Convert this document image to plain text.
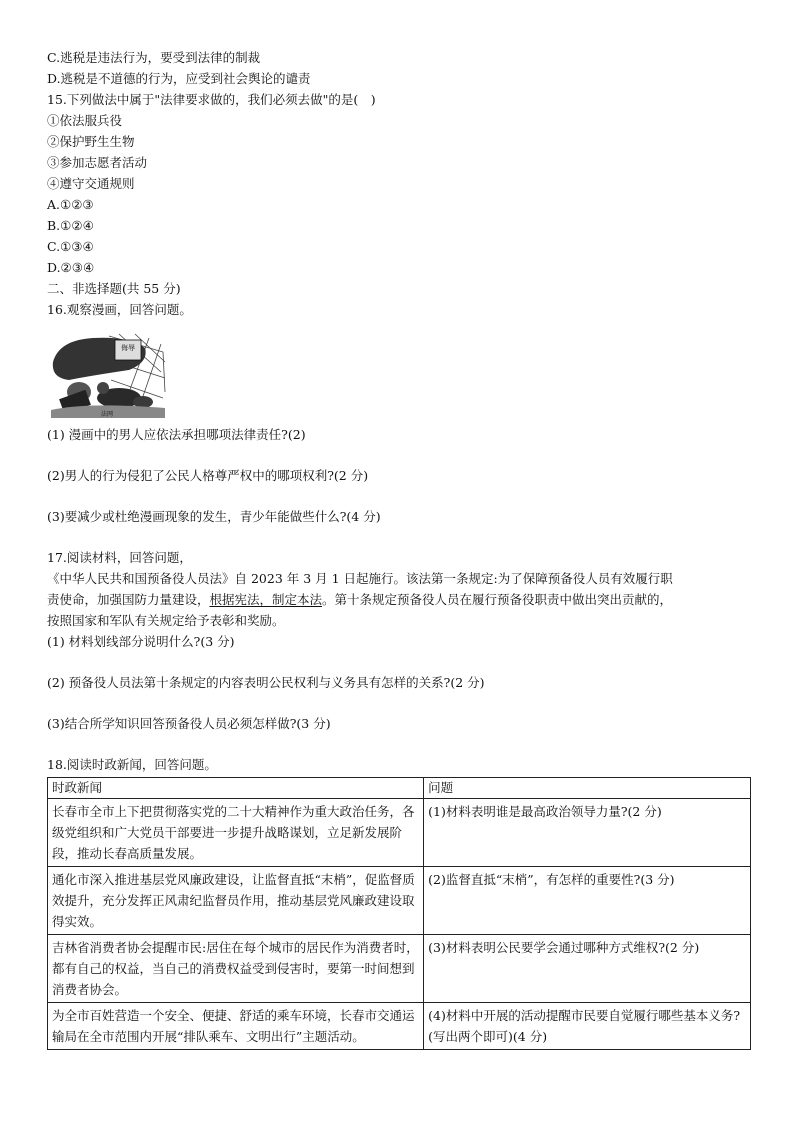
C.逃税是违法行为，要受到法律的制裁
D.逃税是不道德的行为，应受到社会舆论的谴责
15.下列做法中属于"法律要求做的，我们必须去做"的是(　)
①依法服兵役
②保护野生生物
③参加志愿者活动
④遵守交通规则
A.①②③
B.①②④
C.①③④
D.②③④
二、非选择题(共 55 分)
16.观察漫画，回答问题。
侮辱
法网
(1) 漫画中的男人应依法承担哪项法律责任?(2)
(2)男人的行为侵犯了公民人格尊严权中的哪项权利?(2 分)
(3)要减少或杜绝漫画现象的发生，青少年能做些什么?(4 分)
17.阅读材料，回答问题，
《中华人民共和国预备役人员法》自 2023 年 3 月 1 日起施行。该法第一条规定:为了保障预备役人员有效履行职
责使命，加强国防力量建设，根据宪法，制定本法。第十条规定预备役人员在履行预备役职责中做出突出贡献的，
按照国家和军队有关规定给予表彰和奖励。
(1) 材料划线部分说明什么?(3 分)
(2) 预备役人员法第十条规定的内容表明公民权利与义务具有怎样的关系?(2 分)
(3)结合所学知识回答预备役人员必须怎样做?(3 分)
18.阅读时政新闻，回答问题。
时政新闻	问题
长春市全市上下把贯彻落实党的二十大精神作为重大政治任务，各级党组织和广大党员干部要进一步提升战略谋划，立足新发展阶段，推动长春高质量发展。	(1)材料表明谁是最高政治领导力量?(2 分)
通化市深入推进基层党风廉政建设，让监督直抵“末梢”，促监督质效提升，充分发挥正风肃纪监督员作用，推动基层党风廉政建设取得实效。	(2)监督直抵“末梢”，有怎样的重要性?(3 分)
吉林省消费者协会提醒市民:居住在每个城市的居民作为消费者时，都有自己的权益，当自己的消费权益受到侵害时，要第一时间想到消费者协会。	(3)材料表明公民要学会通过哪种方式维权?(2 分)
为全市百姓营造一个安全、便捷、舒适的乘车环境，长春市交通运输局在全市范围内开展“排队乘车、文明出行”主题活动。	(4)材料中开展的活动提醒市民要自觉履行哪些基本义务?(写出两个即可)(4 分)
